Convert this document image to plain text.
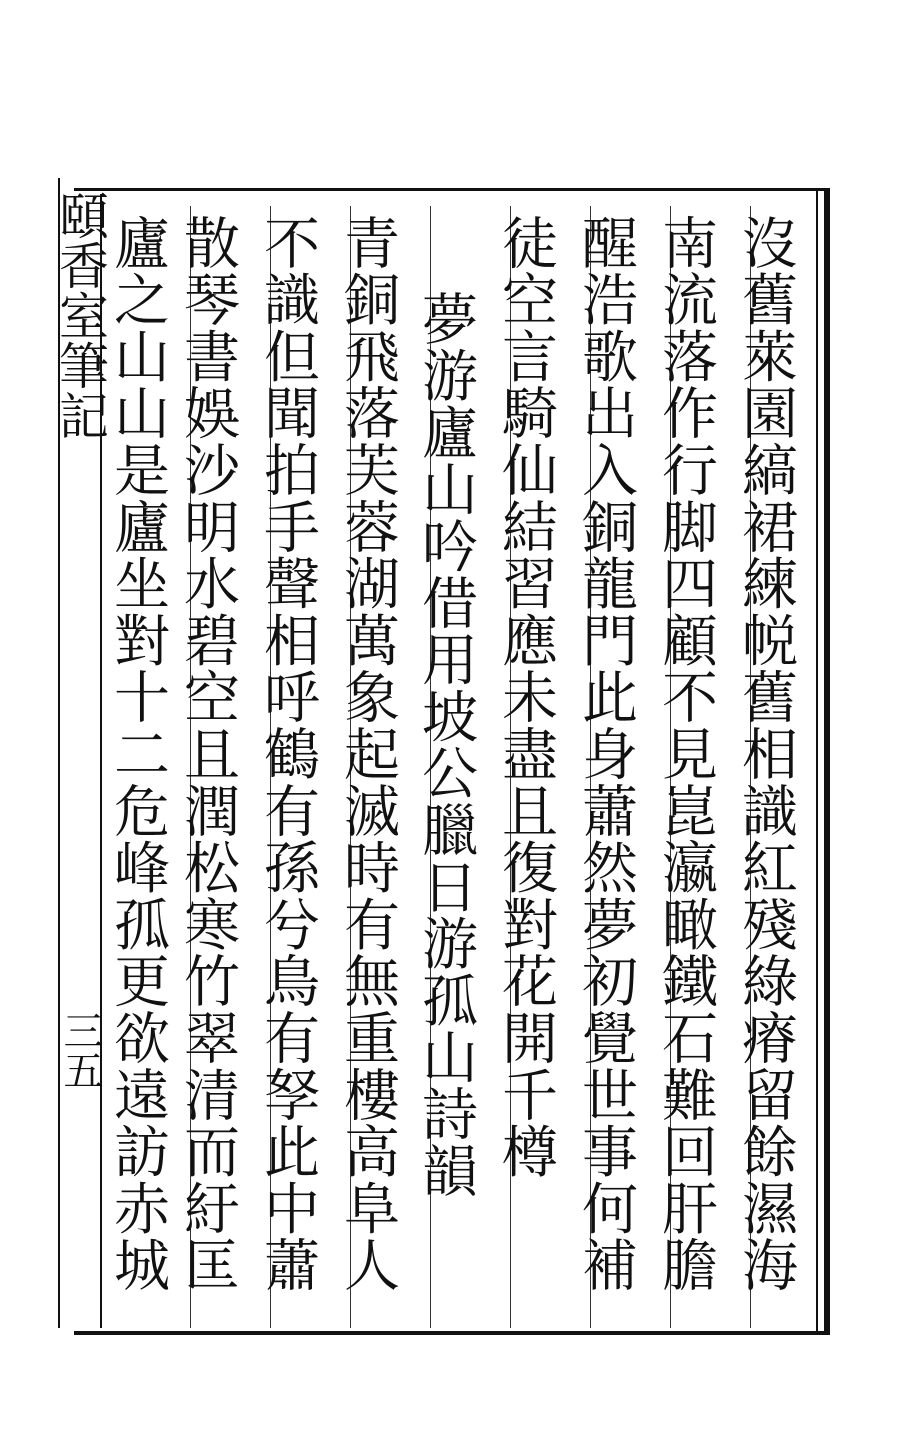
頤香室筆記
三五	沒舊萊園縞裙練帨舊相識紅殘綠瘠留餘濕海
南流落作行脚四顧不見崑瀛瞰鐵石難回肝膽
醒浩歌出入銅龍門此身蕭然夢初覺世事何補
徒空言騎仙結習應未盡且復對花開千樽
夢游廬山吟借用坡公臘日游孤山詩韻
青銅飛落芙蓉湖萬象起滅時有無重樓高阜人
不識但聞拍手聲相呼鶴有孫兮鳥有孥此中蕭
散琴書娛沙明水碧空且潤松寒竹翠清而紆匡
廬之山山是廬坐對十二危峰孤更欲遠訪赤城
